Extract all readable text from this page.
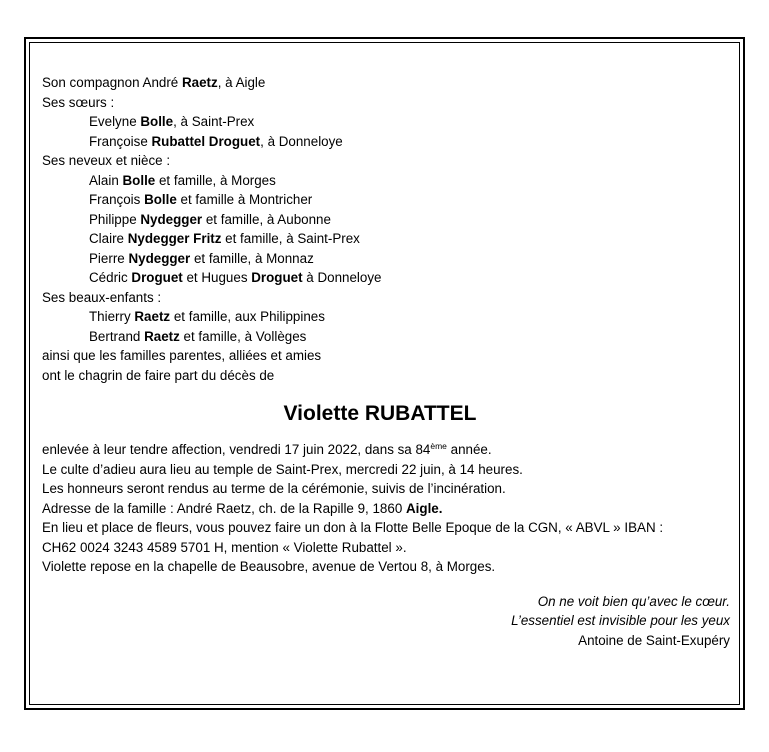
Son compagnon André Raetz, à Aigle
Ses sœurs :
Evelyne Bolle, à Saint-Prex
Françoise Rubattel Droguet, à Donneloye
Ses neveux et nièce :
Alain Bolle et famille, à Morges
François Bolle et famille à Montricher
Philippe Nydegger et famille, à Aubonne
Claire Nydegger Fritz et famille, à Saint-Prex
Pierre Nydegger et famille, à Monnaz
Cédric Droguet et Hugues Droguet à Donneloye
Ses beaux-enfants :
Thierry Raetz et famille, aux Philippines
Bertrand Raetz et famille, à Vollèges
ainsi que les familles parentes, alliées et amies
ont le chagrin de faire part du décès de
Violette RUBATTEL
enlevée à leur tendre affection, vendredi 17 juin 2022, dans sa 84ème année.
Le culte d’adieu aura lieu au temple de Saint-Prex, mercredi 22 juin, à 14 heures.
Les honneurs seront rendus au terme de la cérémonie, suivis de l’incinération.
Adresse de la famille : André Raetz, ch. de la Rapille 9, 1860 Aigle.
En lieu et place de fleurs, vous pouvez faire un don à la Flotte Belle Epoque de la CGN, « ABVL » IBAN :
CH62 0024 3243 4589 5701 H, mention « Violette Rubattel ».
Violette repose en la chapelle de Beausobre, avenue de Vertou 8, à Morges.
On ne voit bien qu’avec le cœur.
L’essentiel est invisible pour les yeux
Antoine de Saint-Exupéry
